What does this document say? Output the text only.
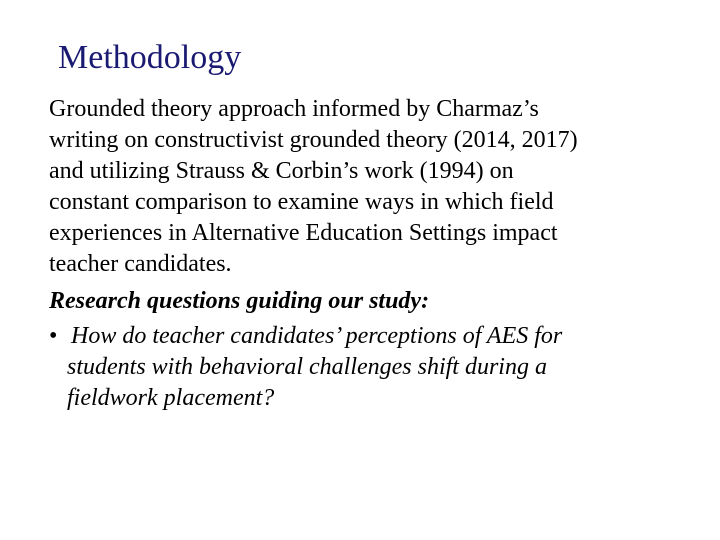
Methodology

Grounded theory approach informed by Charmaz’s
writing on constructivist grounded theory (2014, 2017)
and utilizing Strauss & Corbin’s work (1994) on
constant comparison to examine ways in which field
experiences in Alternative Education Settings impact
teacher candidates.

Research questions guiding our study:

• How do teacher candidates’ perceptions of AES for
students with behavioral challenges shift during a
fieldwork placement?
